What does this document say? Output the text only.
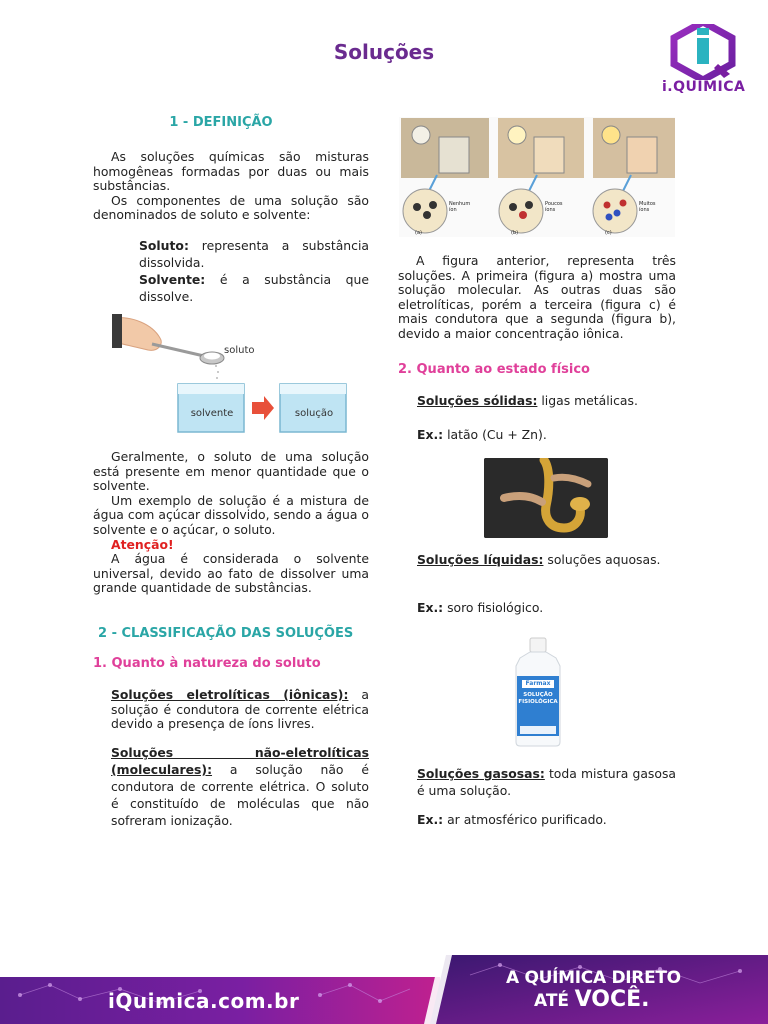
Soluções
i.QUÍMICA
1 - DEFINIÇÃO

As soluções químicas são misturas homogêneas formadas por duas ou mais substâncias.

Os componentes de uma solução são denominados de soluto e solvente:

Soluto: representa a substância dissolvida.

Solvente: é a substância que dissolve.

soluto
solvente	solução

Geralmente, o soluto de uma solução está presente em menor quantidade que o solvente.

Um exemplo de solução é a mistura de água com açúcar dissolvido, sendo a água o solvente e o açúcar, o soluto.

Atenção!

A água é considerada o solvente universal, devido ao fato de dissolver uma grande quantidade de substâncias.

2 - CLASSIFICAÇÃO DAS SOLUÇÕES
1. Quanto à natureza do soluto

Soluções eletrolíticas (iônicas): a solução é condutora de corrente elétrica devido a presença de íons livres.

Soluções não-eletrolíticas (moleculares): a solução não é condutora de corrente elétrica. O soluto é constituído de moléculas que não sofreram ionização.

Nenhum íon
Poucos íons
Muitos íons
(a)	(b)	(c)

A figura anterior, representa três soluções. A primeira (figura a) mostra uma solução molecular. As outras duas são eletrolíticas, porém a terceira (figura c) é mais condutora que a segunda (figura b), devido a maior concentração iônica.

2. Quanto ao estado físico

Soluções sólidas: ligas metálicas.

Ex.: latão (Cu + Zn).

Soluções líquidas: soluções aquosas.

Ex.: soro fisiológico.

Farmax
SOLUÇÃO
FISIOLÓGICA

Soluções gasosas: toda mistura gasosa é uma solução.

Ex.: ar atmosférico purificado.

iQuimica.com.br
A QUÍMICA DIRETO
ATÉ VOCÊ.
